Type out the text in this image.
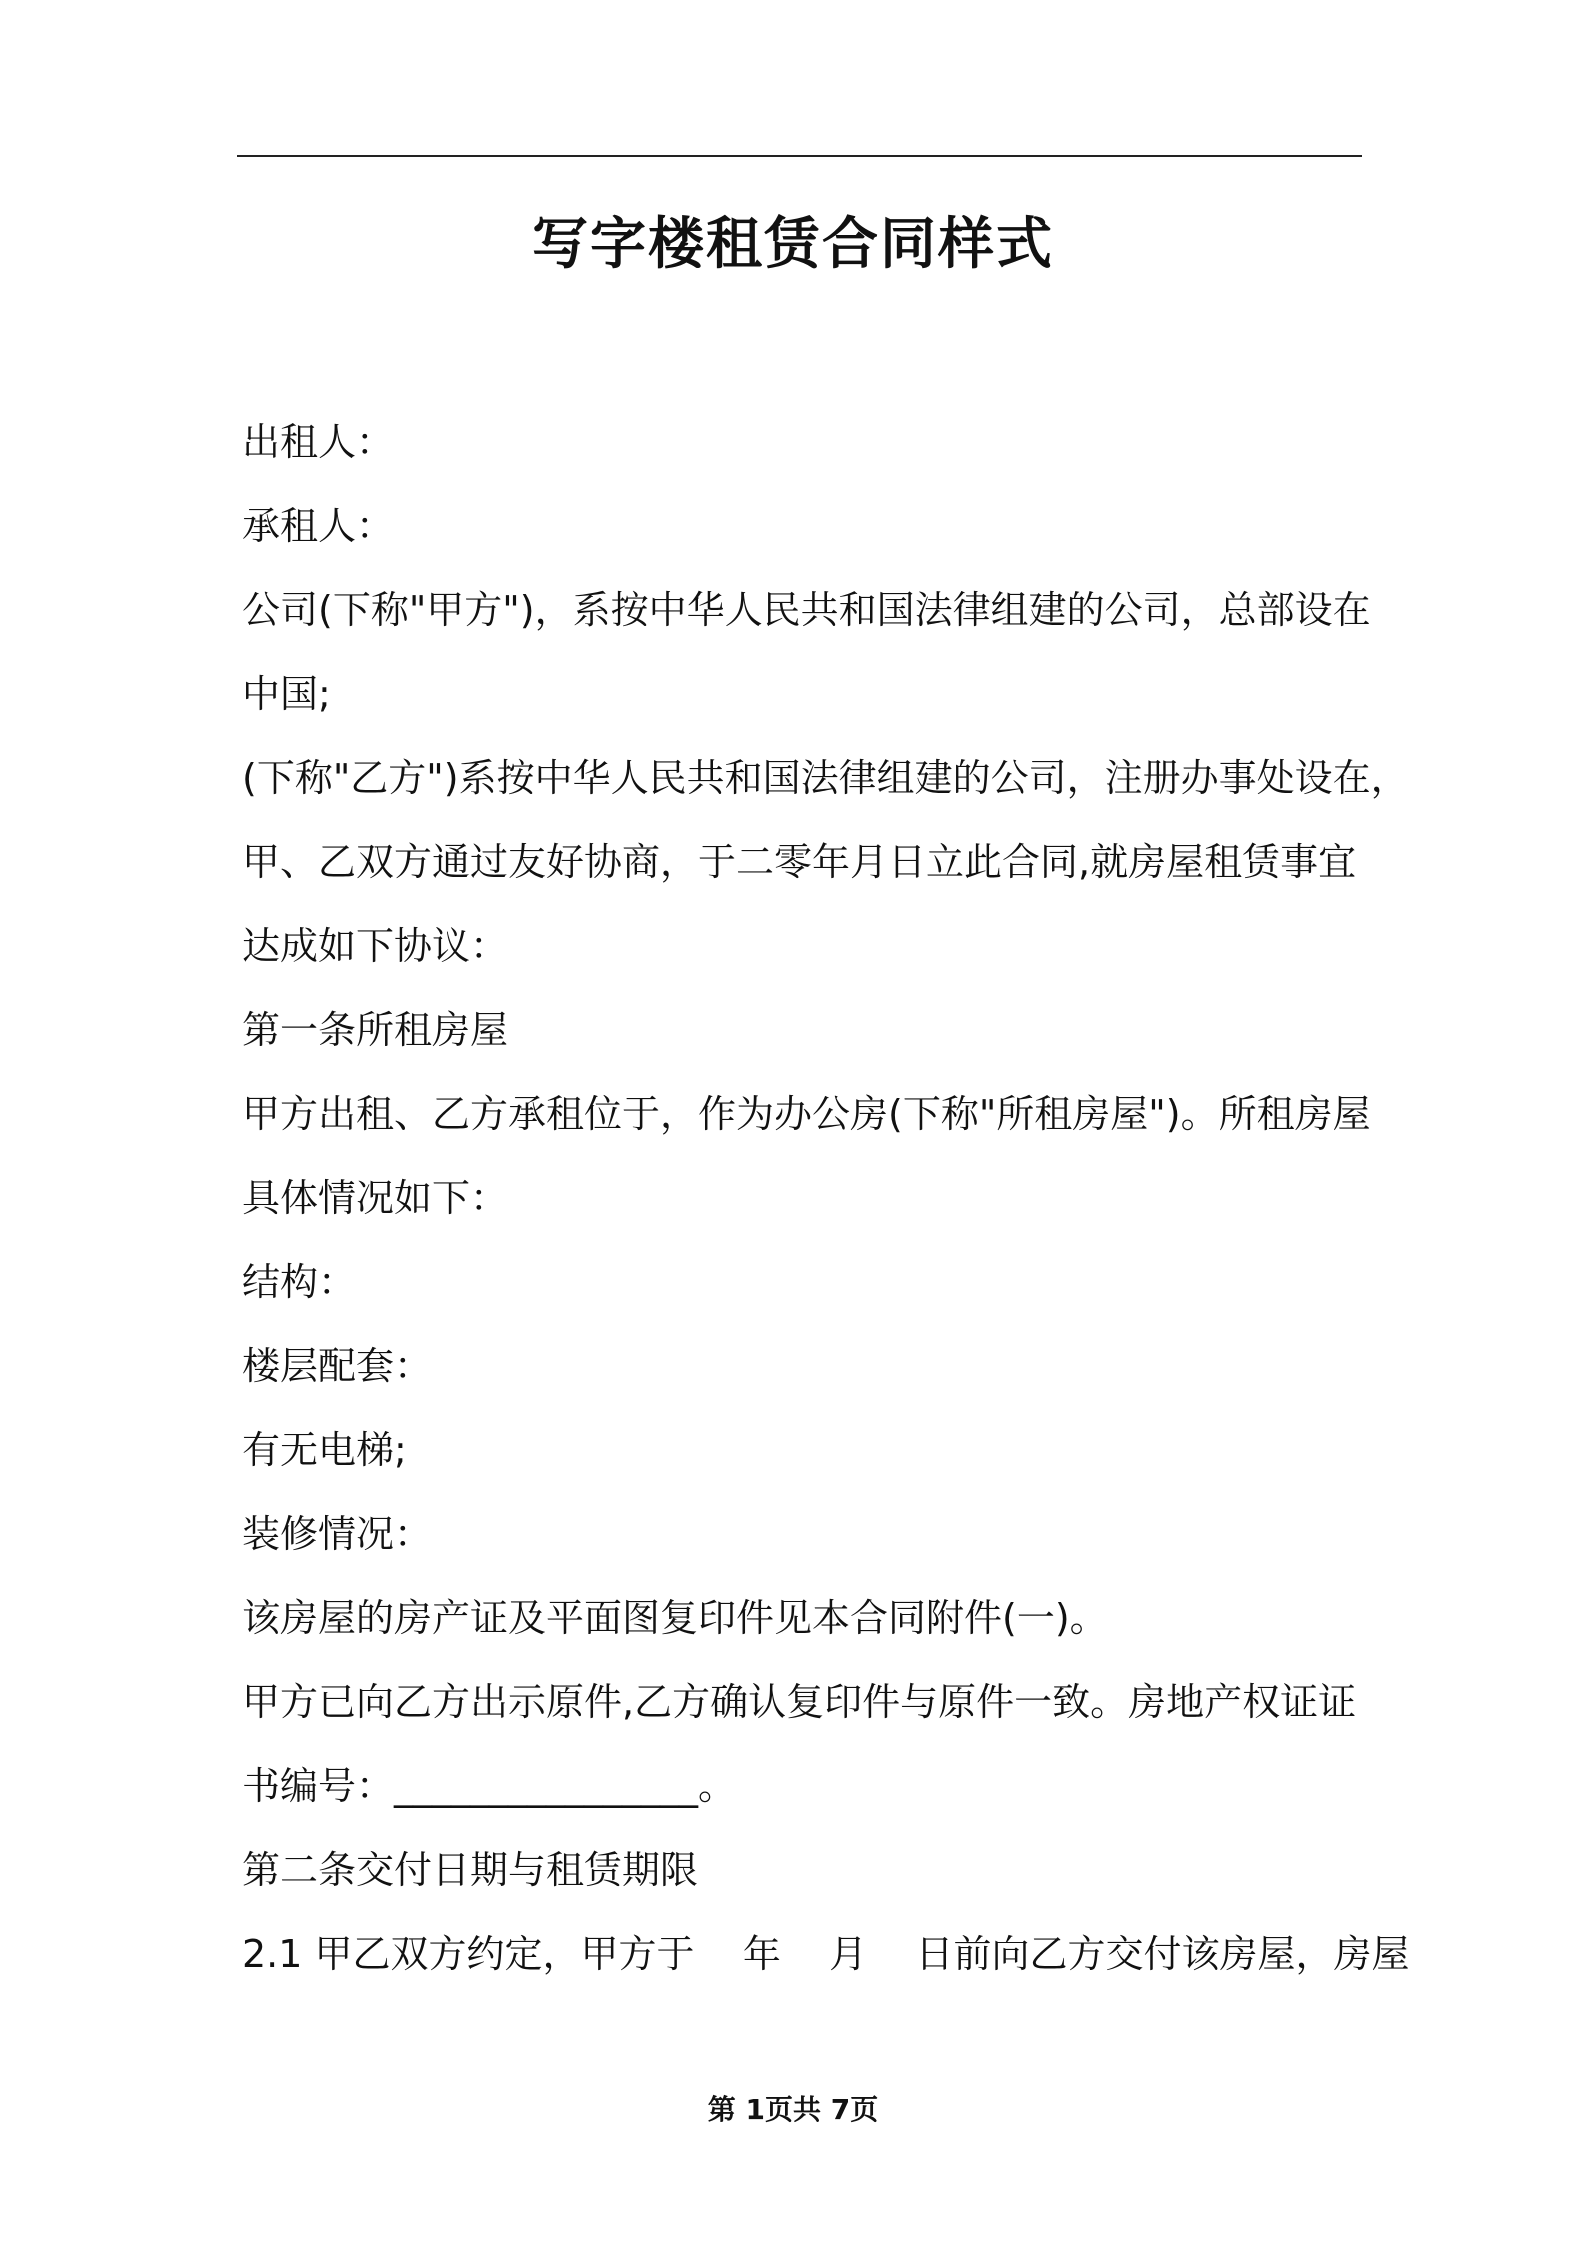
写字楼租赁合同样式
出租人：
承租人：
公司(下称"甲方")，系按中华人民共和国法律组建的公司，总部设在
中国;
(下称"乙方")系按中华人民共和国法律组建的公司，注册办事处设在，
甲、乙双方通过友好协商，于二零年月日立此合同,就房屋租赁事宜
达成如下协议：
第一条所租房屋
甲方出租、乙方承租位于，作为办公房(下称"所租房屋")。所租房屋
具体情况如下：
结构：
楼层配套：
有无电梯;
装修情况：
该房屋的房产证及平面图复印件见本合同附件(一)。
甲方已向乙方出示原件,乙方确认复印件与原件一致。房地产权证证
书编号：________________。
第二条交付日期与租赁期限
2.1 甲乙双方约定，甲方于    年    月    日前向乙方交付该房屋，房屋
第 1页共 7页
